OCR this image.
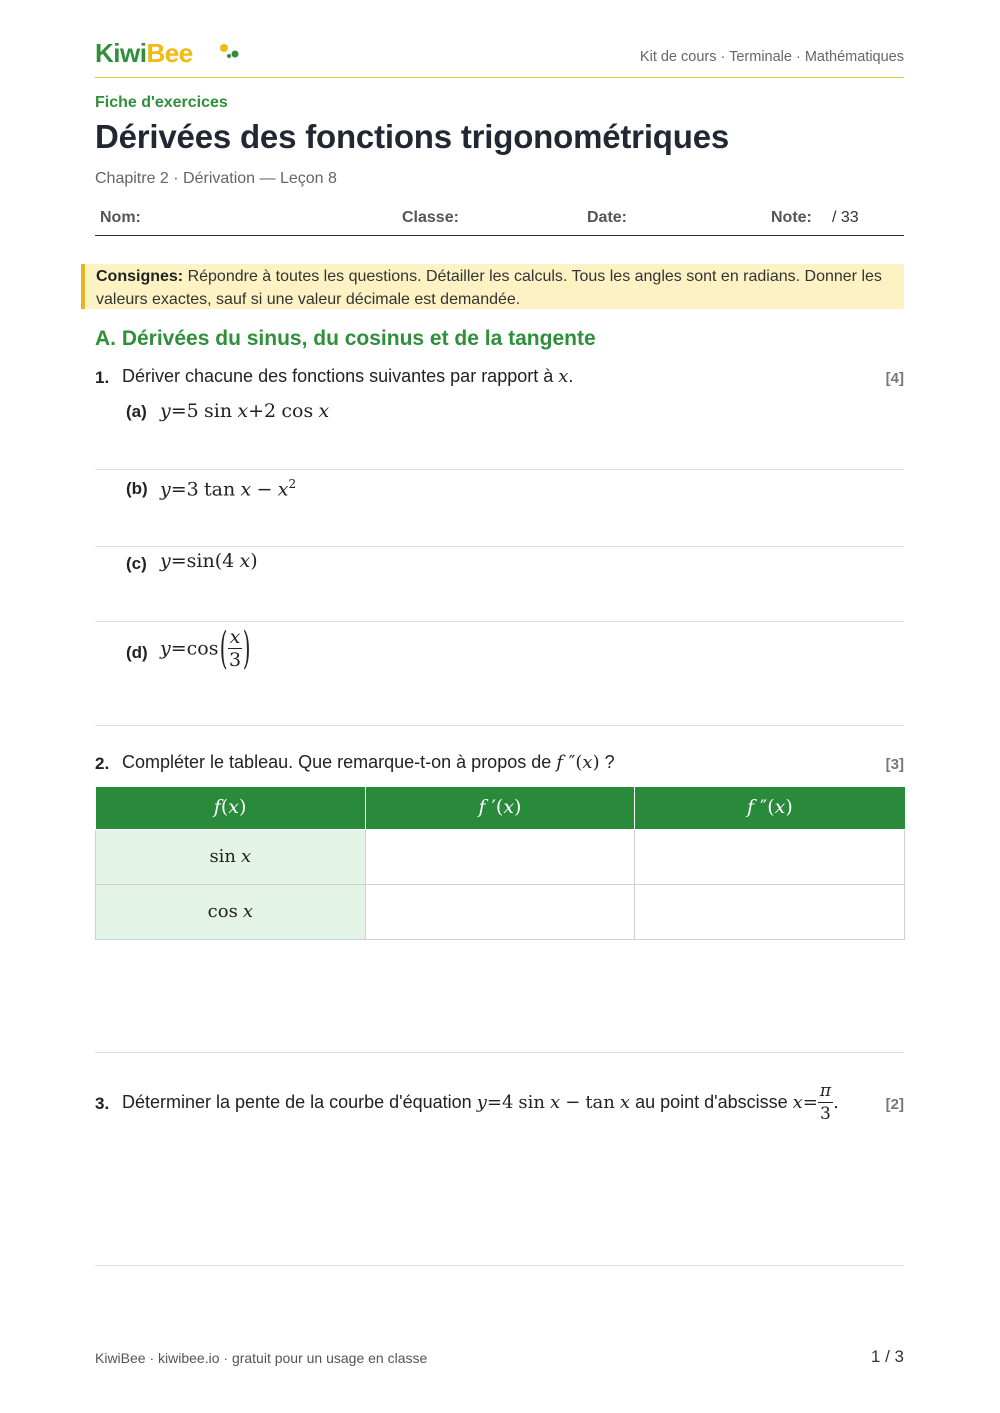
KiwiBee	Kit de cours · Terminale · Mathématiques
Fiche d'exercices
Dérivées des fonctions trigonométriques
Chapitre 2 · Dérivation — Leçon 8
Nom:	Classe:	Date:	Note: / 33
Consignes: Répondre à toutes les questions. Détailler les calculs. Tous les angles sont en radians. Donner les valeurs exactes, sauf si une valeur décimale est demandée.
A. Dérivées du sinus, du cosinus et de la tangente
1. Dériver chacune des fonctions suivantes par rapport à x.	[4]
(a) y=5 sin x+2 cos x
(b) y=3 $\tan x - x^2$
(c) y=sin(4 x)
(d) $y=\cos( \frac{x}{3}$ )
2. Compléter le tableau. Que remarque-t-on à propos de f ″(x) ?	[3]
f(x)	f ′(x)	f ″(x)
sin x		
cos x		
3. Déterminer la pente de la courbe d'équation y=4 sin x − tan x au point d'abscisse $x= \frac{\pi}{3}$ .	[2]
KiwiBee · kiwibee.io · gratuit pour un usage en classe	1 / 3
